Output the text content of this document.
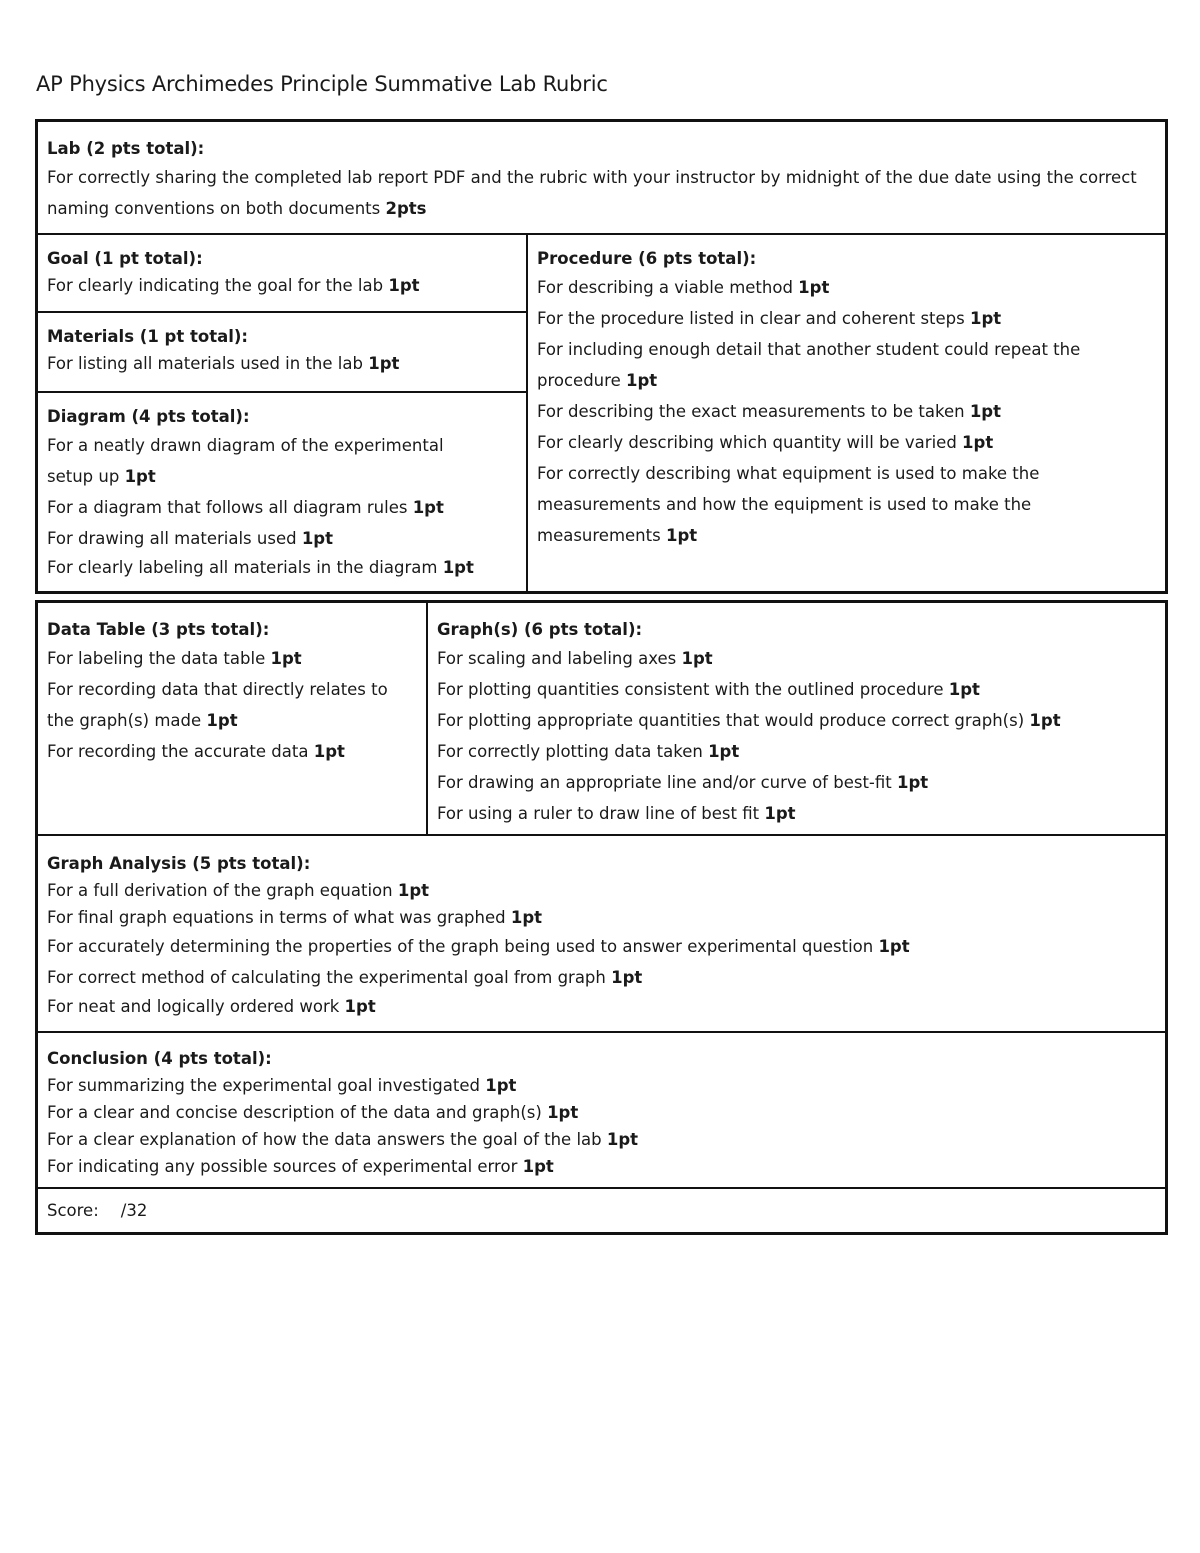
AP Physics Archimedes Principle Summative Lab Rubric
Lab (2 pts total):
For correctly sharing the completed lab report PDF and the rubric with your instructor by midnight of the due date using the correct naming conventions on both documents 2pts
Goal (1 pt total):
For clearly indicating the goal for the lab 1pt
Materials (1 pt total):
For listing all materials used in the lab 1pt
Diagram (4 pts total):
For a neatly drawn diagram of the experimental setup up 1pt
For a diagram that follows all diagram rules 1pt
For drawing all materials used 1pt
For clearly labeling all materials in the diagram 1pt
Procedure (6 pts total):
For describing a viable method 1pt
For the procedure listed in clear and coherent steps 1pt
For including enough detail that another student could repeat the procedure 1pt
For describing the exact measurements to be taken 1pt
For clearly describing which quantity will be varied 1pt
For correctly describing what equipment is used to make the measurements and how the equipment is used to make the measurements 1pt
Data Table (3 pts total):
For labeling the data table 1pt
For recording data that directly relates to the graph(s) made 1pt
For recording the accurate data 1pt
Graph(s) (6 pts total):
For scaling and labeling axes 1pt
For plotting quantities consistent with the outlined procedure 1pt
For plotting appropriate quantities that would produce correct graph(s) 1pt
For correctly plotting data taken 1pt
For drawing an appropriate line and/or curve of best-fit 1pt
For using a ruler to draw line of best fit 1pt
Graph Analysis (5 pts total):
For a full derivation of the graph equation 1pt
For final graph equations in terms of what was graphed 1pt
For accurately determining the properties of the graph being used to answer experimental question 1pt
For correct method of calculating the experimental goal from graph 1pt
For neat and logically ordered work 1pt
Conclusion (4 pts total):
For summarizing the experimental goal investigated 1pt
For a clear and concise description of the data and graph(s) 1pt
For a clear explanation of how the data answers the goal of the lab 1pt
For indicating any possible sources of experimental error 1pt
Score: /32
